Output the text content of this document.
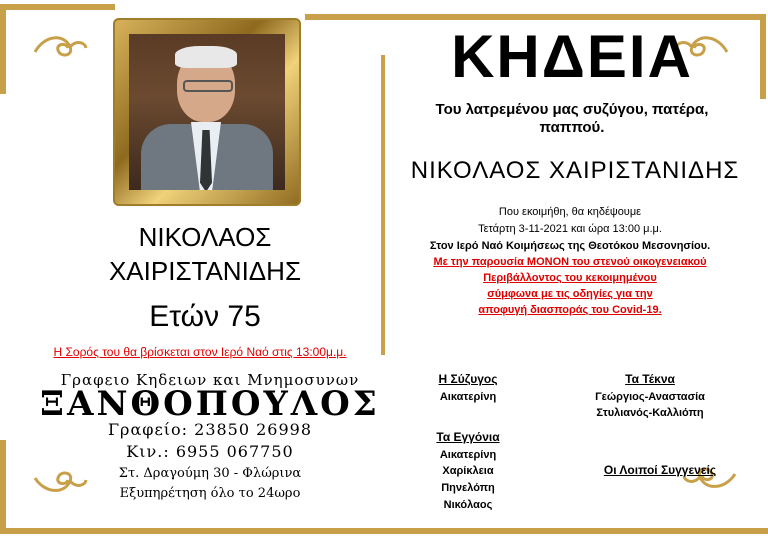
ΝΙΚΟΛΑΟΣ
ΧΑΙΡΙΣΤΑΝΙΔΗΣ
Ετών 75
Η Σορός του θα βρίσκεται στον Ιερό Ναό στις 13:00μ.μ.
Γραφειο Κηδειων και Μνημοσυνων
ΞΑΝΘΟΠΟΥΛΟΣ
Γραφείο: 23850 26998
Κιν.: 6955 067750
Στ. Δραγούμη 30 - Φλώρινα
Εξυπηρέτηση όλο το 24ωρο
ΚΗΔΕΙΑ
Του λατρεμένου μας συζύγου, πατέρα,
παππού.
ΝΙΚΟΛΑΟΣ ΧΑΙΡΙΣΤΑΝΙΔΗΣ
Που εκοιμήθη, θα κηδέψουμε
Τετάρτη 3-11-2021 και ώρα 13:00 μ.μ.
Στον Ιερό Ναό Κοιμήσεως της Θεοτόκου Μεσονησίου.
Με την παρουσία ΜΟΝΟΝ του στενού οικογενειακού
Περιβάλλοντος του κεκοιμημένου
σύμφωνα με τις οδηγίες για την
αποφυγή διασποράς του Covid-19.
Η Σύζυγος
Αικατερίνη
Τα Τέκνα
Γεώργιος-Αναστασία
Στυλιανός-Καλλιόπη
Τα Εγγόνια
Αικατερίνη
Χαρίκλεια
Πηνελόπη
Νικόλαος
Οι Λοιποί Συγγενείς
